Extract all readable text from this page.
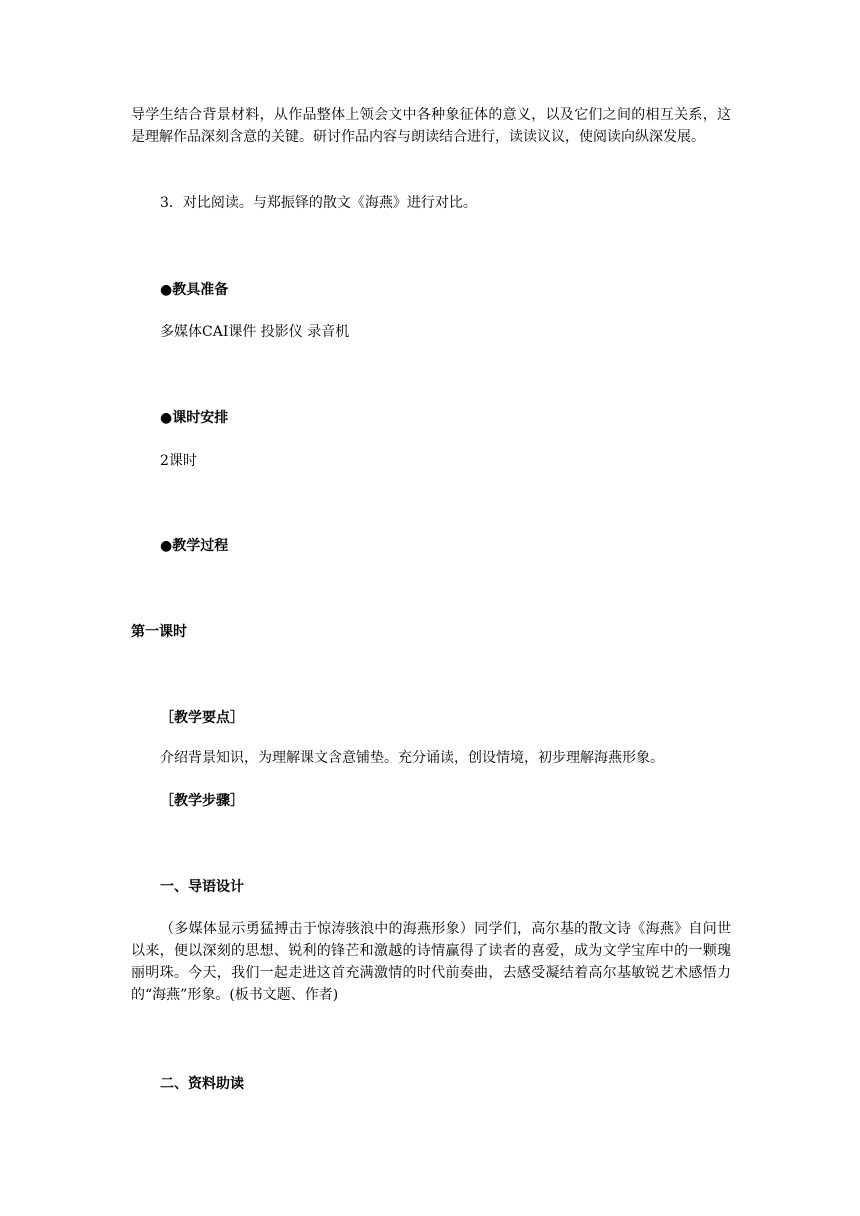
导学生结合背景材料，从作品整体上领会文中各种象征体的意义，以及它们之间的相互关系，这是理解作品深刻含意的关键。研讨作品内容与朗读结合进行，读读议议，使阅读向纵深发展。

3．对比阅读。与郑振铎的散文《海燕》进行对比。

●教具准备

多媒体CAI课件 投影仪 录音机

●课时安排

2课时

●教学过程

第一课时

［教学要点］

介绍背景知识，为理解课文含意铺垫。充分诵读，创设情境，初步理解海燕形象。

［教学步骤］

一、导语设计

（多媒体显示勇猛搏击于惊涛骇浪中的海燕形象）同学们，高尔基的散文诗《海燕》自问世以来，便以深刻的思想、锐利的锋芒和激越的诗情赢得了读者的喜爱，成为文学宝库中的一颗瑰丽明珠。今天，我们一起走进这首充满激情的时代前奏曲，去感受凝结着高尔基敏锐艺术感悟力的“海燕”形象。(板书文题、作者)

二、资料助读
